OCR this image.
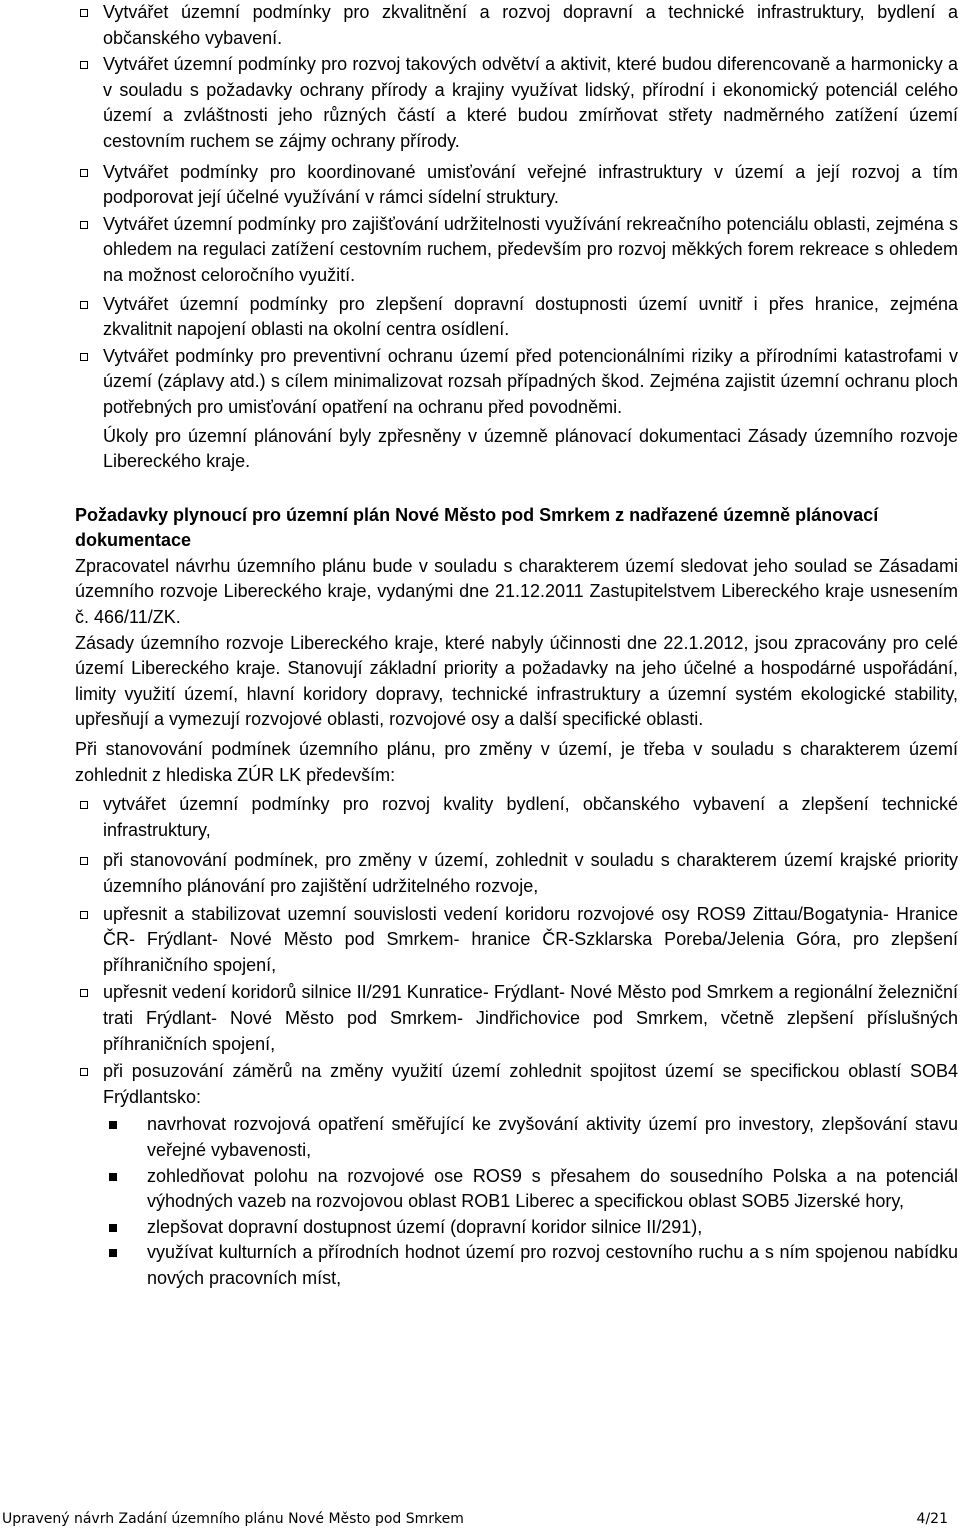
Vytvářet územní podmínky pro zkvalitnění a rozvoj dopravní a technické infrastruktury, bydlení a občanského vybavení.
Vytvářet územní podmínky pro rozvoj takových odvětví a aktivit, které budou diferencovaně a harmonicky a v souladu s požadavky ochrany přírody a krajiny využívat lidský, přírodní i ekonomický potenciál celého území a zvláštnosti jeho různých částí a které budou zmírňovat střety nadměrného zatížení území cestovním ruchem se zájmy ochrany přírody.
Vytvářet podmínky pro koordinované umisťování veřejné infrastruktury v území a její rozvoj a tím podporovat její účelné využívání v rámci sídelní struktury.
Vytvářet územní podmínky pro zajišťování udržitelnosti využívání rekreačního potenciálu oblasti, zejména s ohledem na regulaci zatížení cestovním ruchem, především pro rozvoj měkkých forem rekreace s ohledem na možnost celoročního využití.
Vytvářet územní podmínky pro zlepšení dopravní dostupnosti území uvnitř i přes hranice, zejména zkvalitnit napojení oblasti na okolní centra osídlení.
Vytvářet podmínky pro preventivní ochranu území před potencionálními riziky a přírodními katastrofami v území (záplavy atd.) s cílem minimalizovat rozsah případných škod. Zejména zajistit územní ochranu ploch potřebných pro umisťování opatření na ochranu před povodněmi.

Úkoly pro územní plánování byly zpřesněny v územně plánovací dokumentaci Zásady územního rozvoje Libereckého kraje.

Požadavky plynoucí pro územní plán Nové Město pod Smrkem z nadřazené územně plánovací dokumentace

Zpracovatel návrhu územního plánu bude v souladu s charakterem území sledovat jeho soulad se Zásadami územního rozvoje Libereckého kraje, vydanými dne 21.12.2011 Zastupitelstvem Libereckého kraje usnesením č. 466/11/ZK.

Zásady územního rozvoje Libereckého kraje, které nabyly účinnosti dne 22.1.2012, jsou zpracovány pro celé území Libereckého kraje. Stanovují základní priority a požadavky na jeho účelné a hospodárné uspořádání, limity využití území, hlavní koridory dopravy, technické infrastruktury a územní systém ekologické stability, upřesňují a vymezují rozvojové oblasti, rozvojové osy a další specifické oblasti.

Při stanovování podmínek územního plánu, pro změny v území, je třeba v souladu s charakterem území zohlednit z hlediska ZÚR LK především:

vytvářet územní podmínky pro rozvoj kvality bydlení, občanského vybavení a zlepšení technické infrastruktury,
při stanovování podmínek, pro změny v území, zohlednit v souladu s charakterem území krajské priority územního plánování pro zajištění udržitelného rozvoje,
upřesnit a stabilizovat uzemní souvislosti vedení koridoru rozvojové osy ROS9 Zittau/Bogatynia- Hranice ČR- Frýdlant- Nové Město pod Smrkem- hranice ČR-Szklarska Poreba/Jelenia Góra, pro zlepšení příhraničního spojení,
upřesnit vedení koridorů silnice II/291 Kunratice- Frýdlant- Nové Město pod Smrkem a regionální železniční trati Frýdlant- Nové Město pod Smrkem- Jindřichovice pod Smrkem, včetně zlepšení příslušných příhraničních spojení,
při posuzování záměrů na změny využití území zohlednit spojitost území se specifickou oblastí SOB4 Frýdlantsko:
navrhovat rozvojová opatření směřující ke zvyšování aktivity území pro investory, zlepšování stavu veřejné vybavenosti,
zohledňovat polohu na rozvojové ose ROS9 s přesahem do sousedního Polska a na potenciál výhodných vazeb na rozvojovou oblast ROB1 Liberec a specifickou oblast SOB5 Jizerské hory,
zlepšovat dopravní dostupnost území (dopravní koridor silnice II/291),
využívat kulturních a přírodních hodnot území pro rozvoj cestovního ruchu a s ním spojenou nabídku nových pracovních míst,
Upravený návrh Zadání územního plánu Nové Město pod Smrkem	4/21
